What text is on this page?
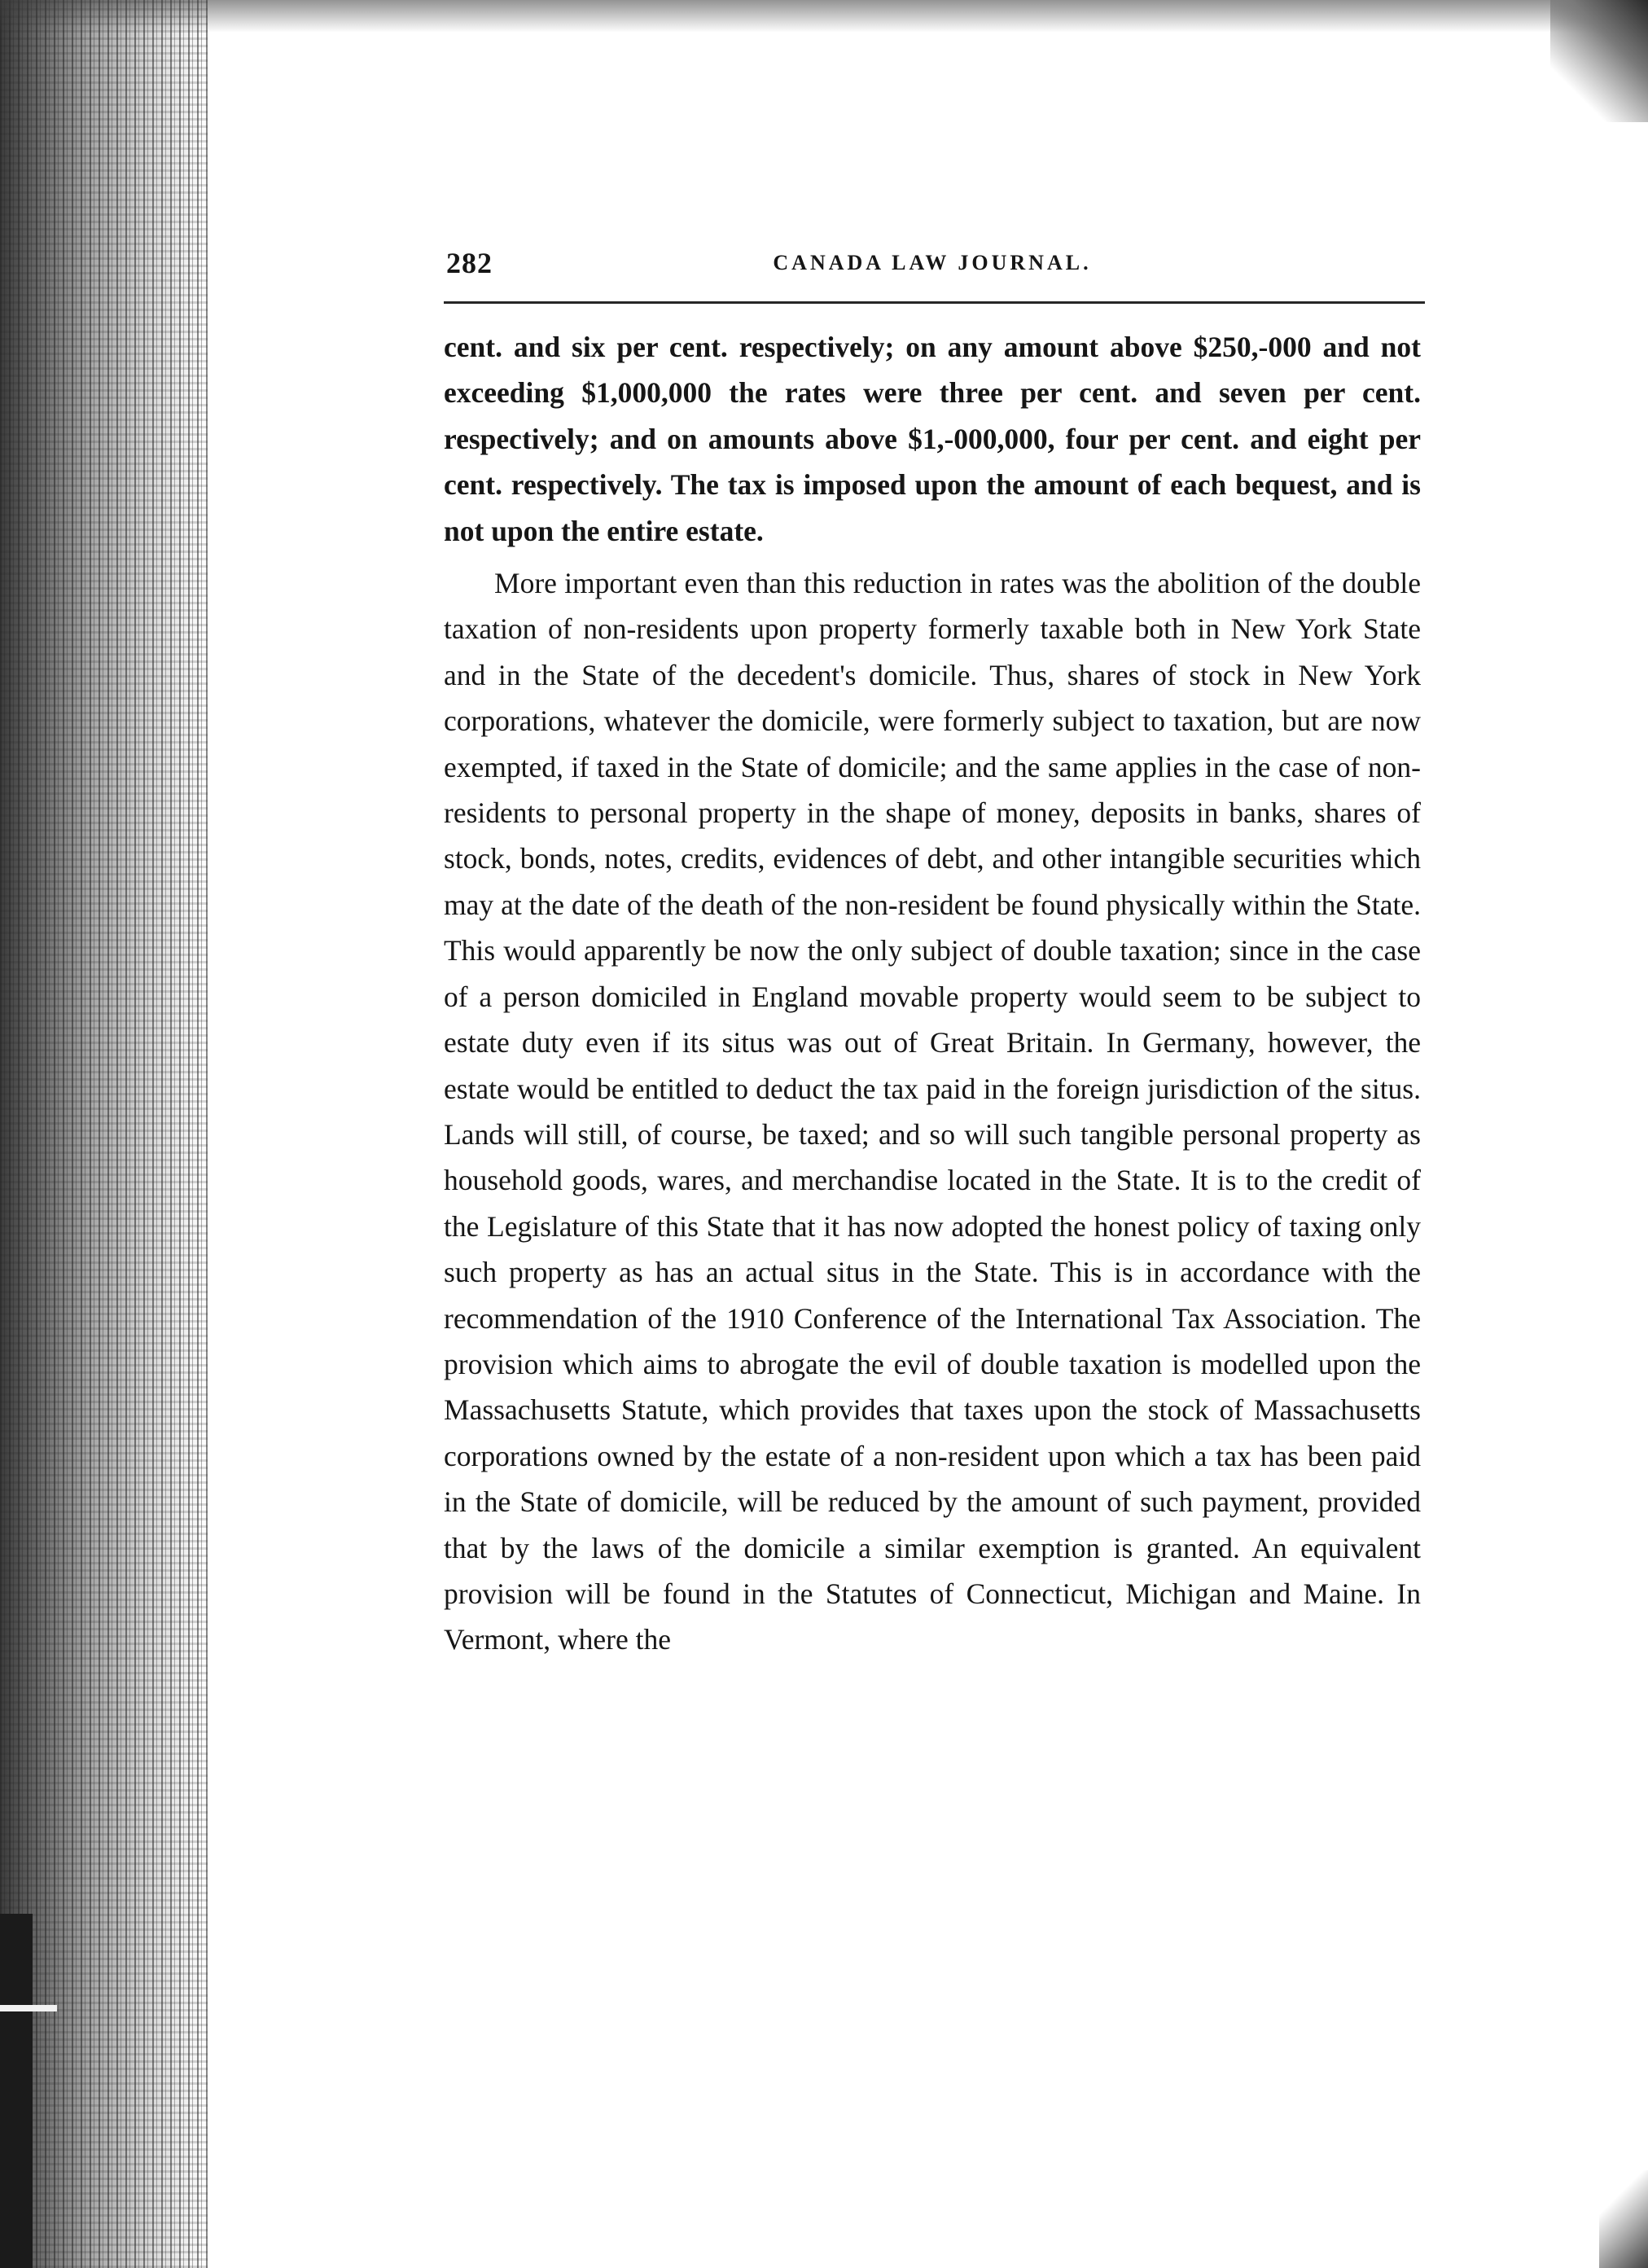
282	CANADA LAW JOURNAL.

cent. and six per cent. respectively; on any amount above $250,-000 and not exceeding $1,000,000 the rates were three per cent. and seven per cent. respectively; and on amounts above $1,-000,000, four per cent. and eight per cent. respectively. The tax is imposed upon the amount of each bequest, and is not upon the entire estate.

More important even than this reduction in rates was the abolition of the double taxation of non-residents upon property formerly taxable both in New York State and in the State of the decedent's domicile. Thus, shares of stock in New York corporations, whatever the domicile, were formerly subject to taxation, but are now exempted, if taxed in the State of domicile; and the same applies in the case of non-residents to personal property in the shape of money, deposits in banks, shares of stock, bonds, notes, credits, evidences of debt, and other intangible securities which may at the date of the death of the non-resident be found physically within the State. This would apparently be now the only subject of double taxation; since in the case of a person domiciled in England movable property would seem to be subject to estate duty even if its situs was out of Great Britain. In Germany, however, the estate would be entitled to deduct the tax paid in the foreign jurisdiction of the situs. Lands will still, of course, be taxed; and so will such tangible personal property as household goods, wares, and merchandise located in the State. It is to the credit of the Legislature of this State that it has now adopted the honest policy of taxing only such property as has an actual situs in the State. This is in accordance with the recommendation of the 1910 Conference of the International Tax Association. The provision which aims to abrogate the evil of double taxation is modelled upon the Massachusetts Statute, which provides that taxes upon the stock of Massachusetts corporations owned by the estate of a non-resident upon which a tax has been paid in the State of domicile, will be reduced by the amount of such payment, provided that by the laws of the domicile a similar exemption is granted. An equivalent provision will be found in the Statutes of Connecticut, Michigan and Maine. In Vermont, where the
